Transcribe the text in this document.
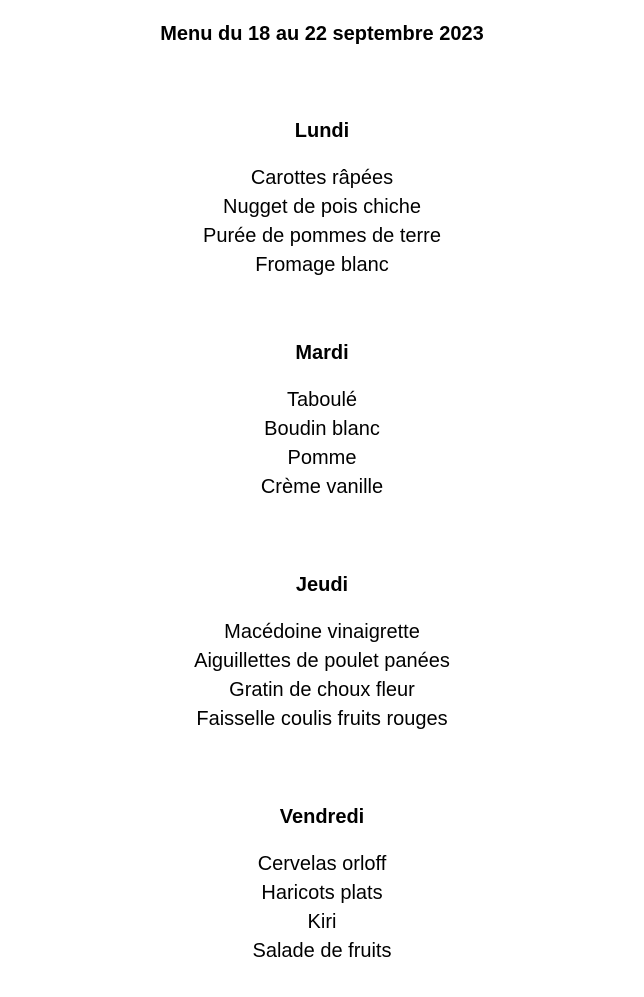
Menu du 18 au 22 septembre 2023
Lundi
Carottes râpées
Nugget de pois chiche
Purée de pommes de terre
Fromage blanc
Mardi
Taboulé
Boudin blanc
Pomme
Crème vanille
Jeudi
Macédoine vinaigrette
Aiguillettes de poulet panées
Gratin de choux fleur
Faisselle coulis fruits rouges
Vendredi
Cervelas orloff
Haricots plats
Kiri
Salade de fruits
